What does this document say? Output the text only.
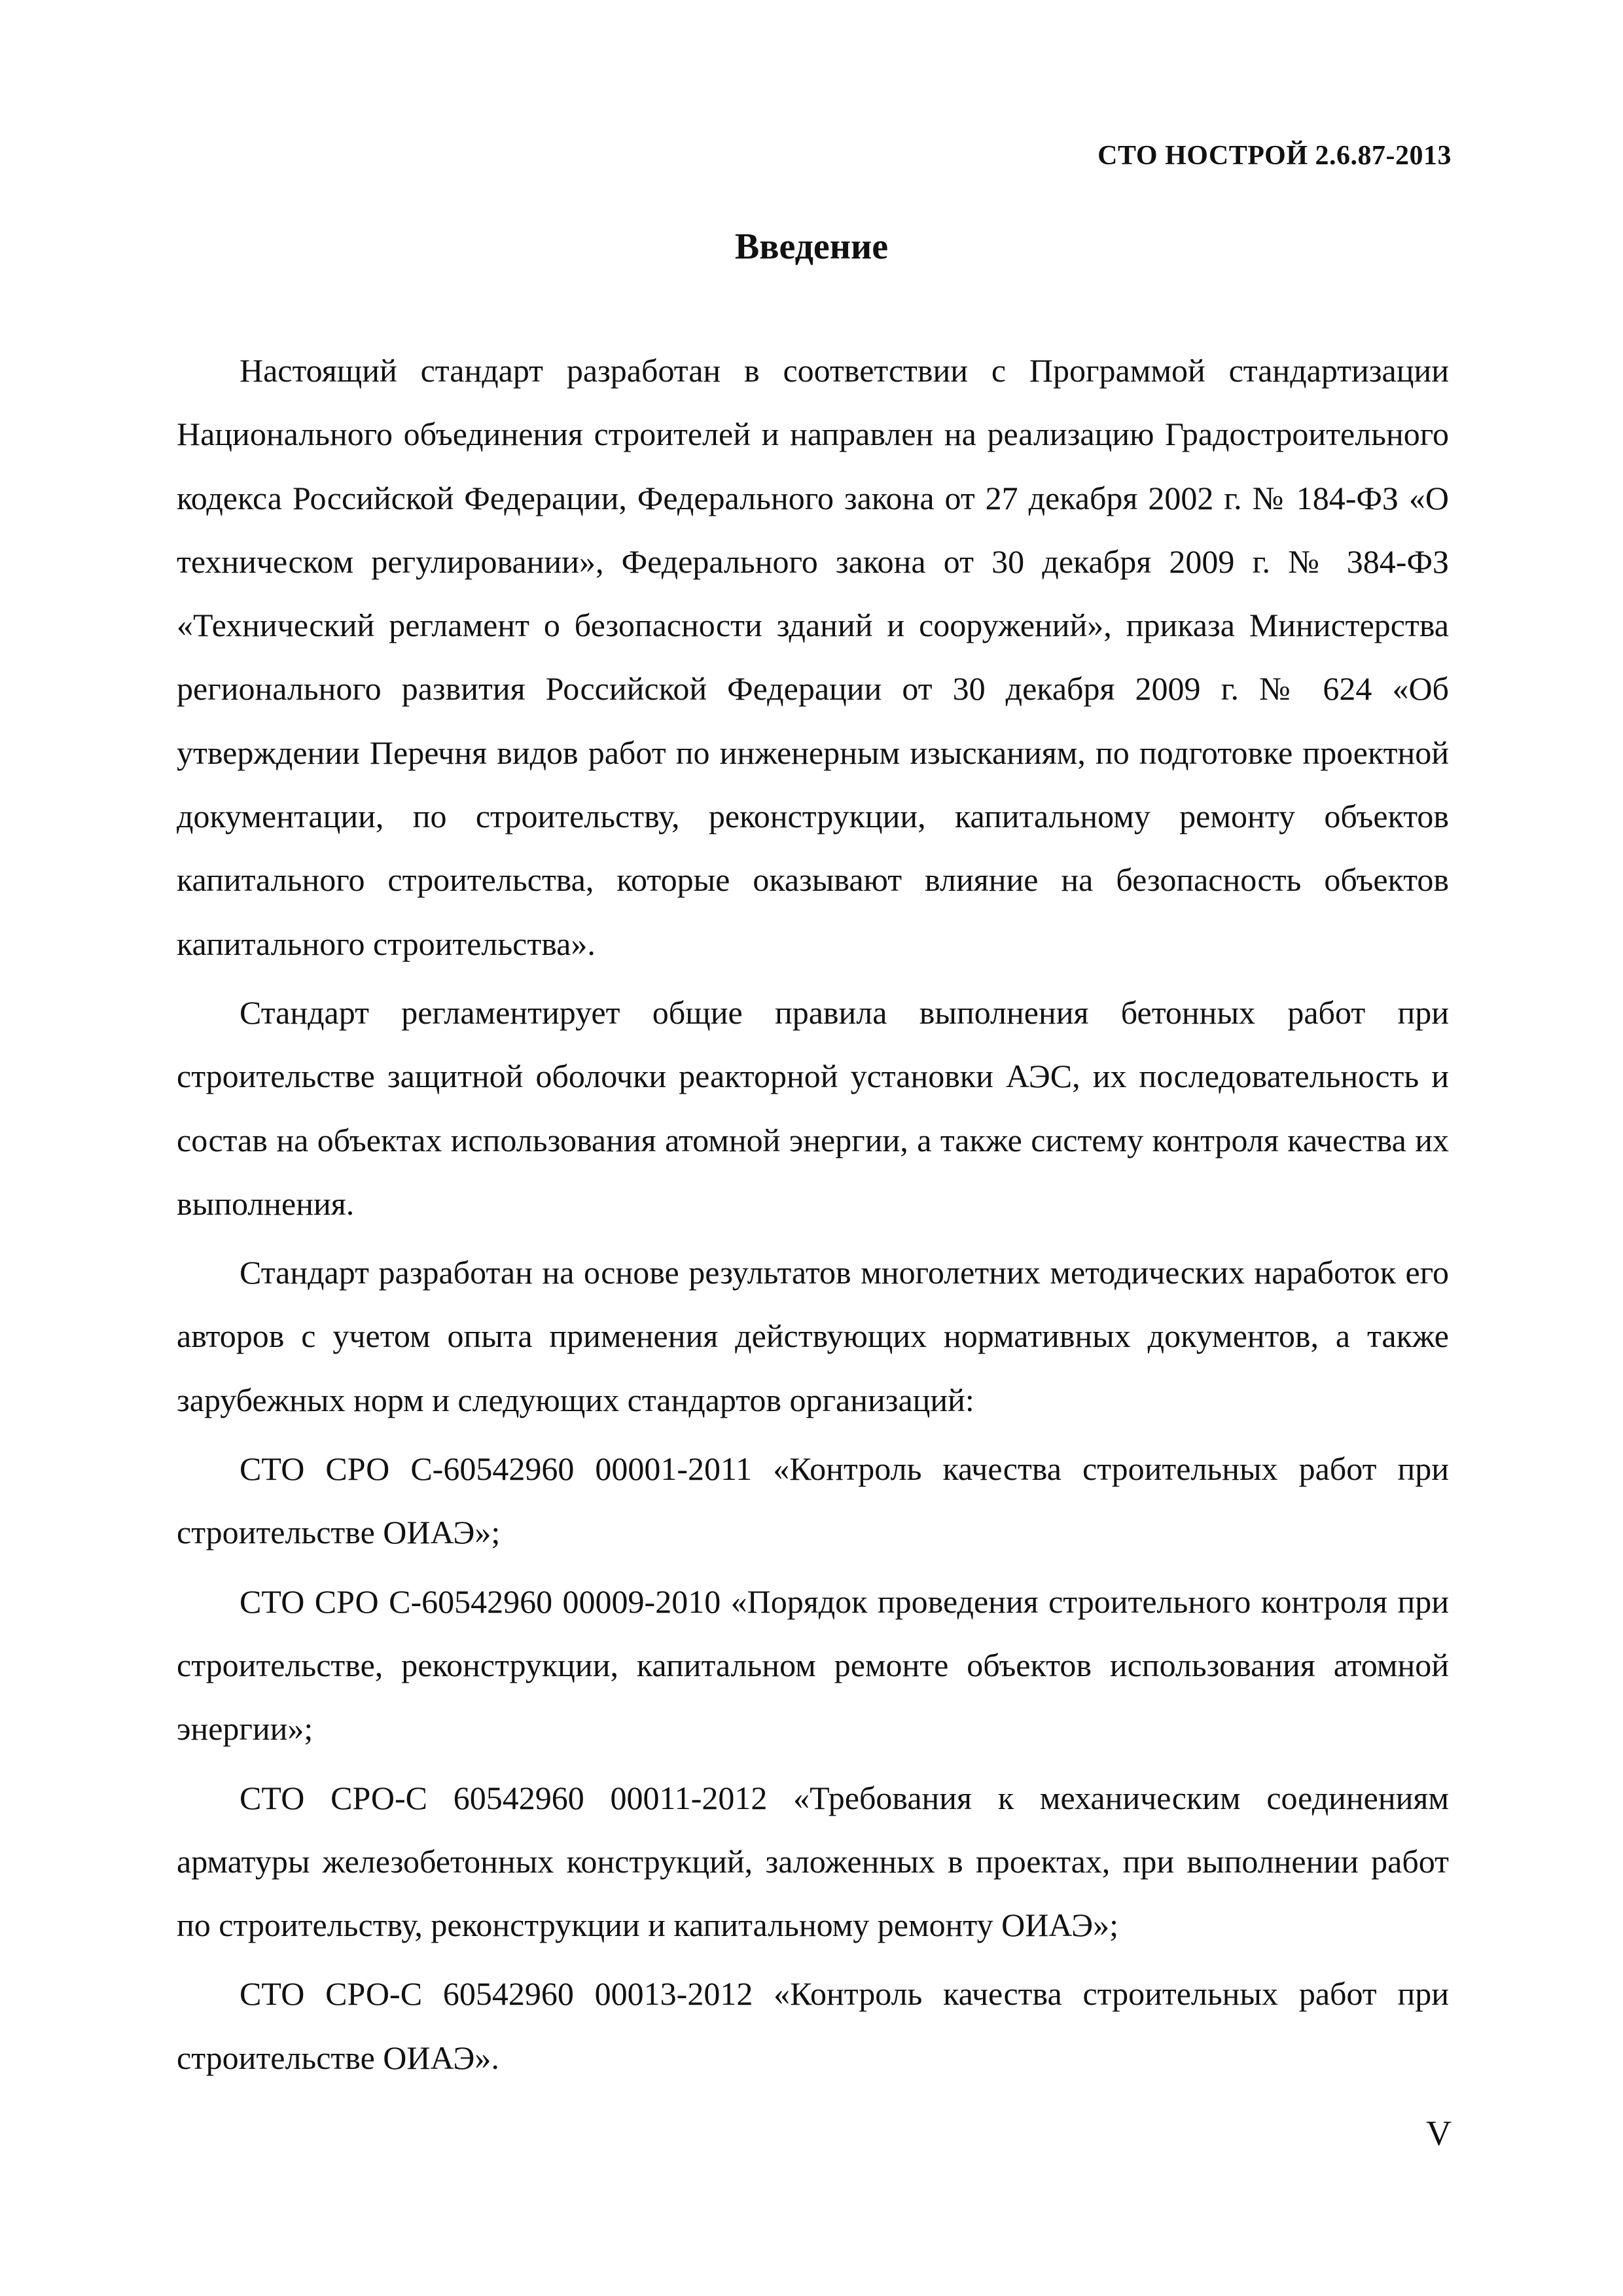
СТО НОСТРОЙ 2.6.87-2013
Введение

Настоящий стандарт разработан в соответствии с Программой стандартизации Национального объединения строителей и направлен на реализацию Градостроительного кодекса Российской Федерации, Федерального закона от 27 декабря 2002 г. № 184-ФЗ «О техническом регулировании», Федерального закона от 30 декабря 2009 г. № 384-ФЗ «Технический регламент о безопасности зданий и сооружений», приказа Министерства регионального развития Российской Федерации от 30 декабря 2009 г. № 624 «Об утверждении Перечня видов работ по инженерным изысканиям, по подготовке проектной документации, по строительству, реконструкции, капитальному ремонту объектов капитального строительства, которые оказывают влияние на безопасность объектов капитального строительства».

Стандарт регламентирует общие правила выполнения бетонных работ при строительстве защитной оболочки реакторной установки АЭС, их последовательность и состав на объектах использования атомной энергии, а также систему контроля качества их выполнения.

Стандарт разработан на основе результатов многолетних методических наработок его авторов с учетом опыта применения действующих нормативных документов, а также зарубежных норм и следующих стандартов организаций:

СТО СРО С-60542960 00001-2011 «Контроль качества строительных работ при строительстве ОИАЭ»;

СТО СРО С-60542960 00009-2010 «Порядок проведения строительного контроля при строительстве, реконструкции, капитальном ремонте объектов использования атомной энергии»;

СТО СРО-С 60542960 00011-2012 «Требования к механическим соединениям арматуры железобетонных конструкций, заложенных в проектах, при выполнении работ по строительству, реконструкции и капитальному ремонту ОИАЭ»;

СТО СРО-С 60542960 00013-2012 «Контроль качества строительных работ при строительстве ОИАЭ».

V
